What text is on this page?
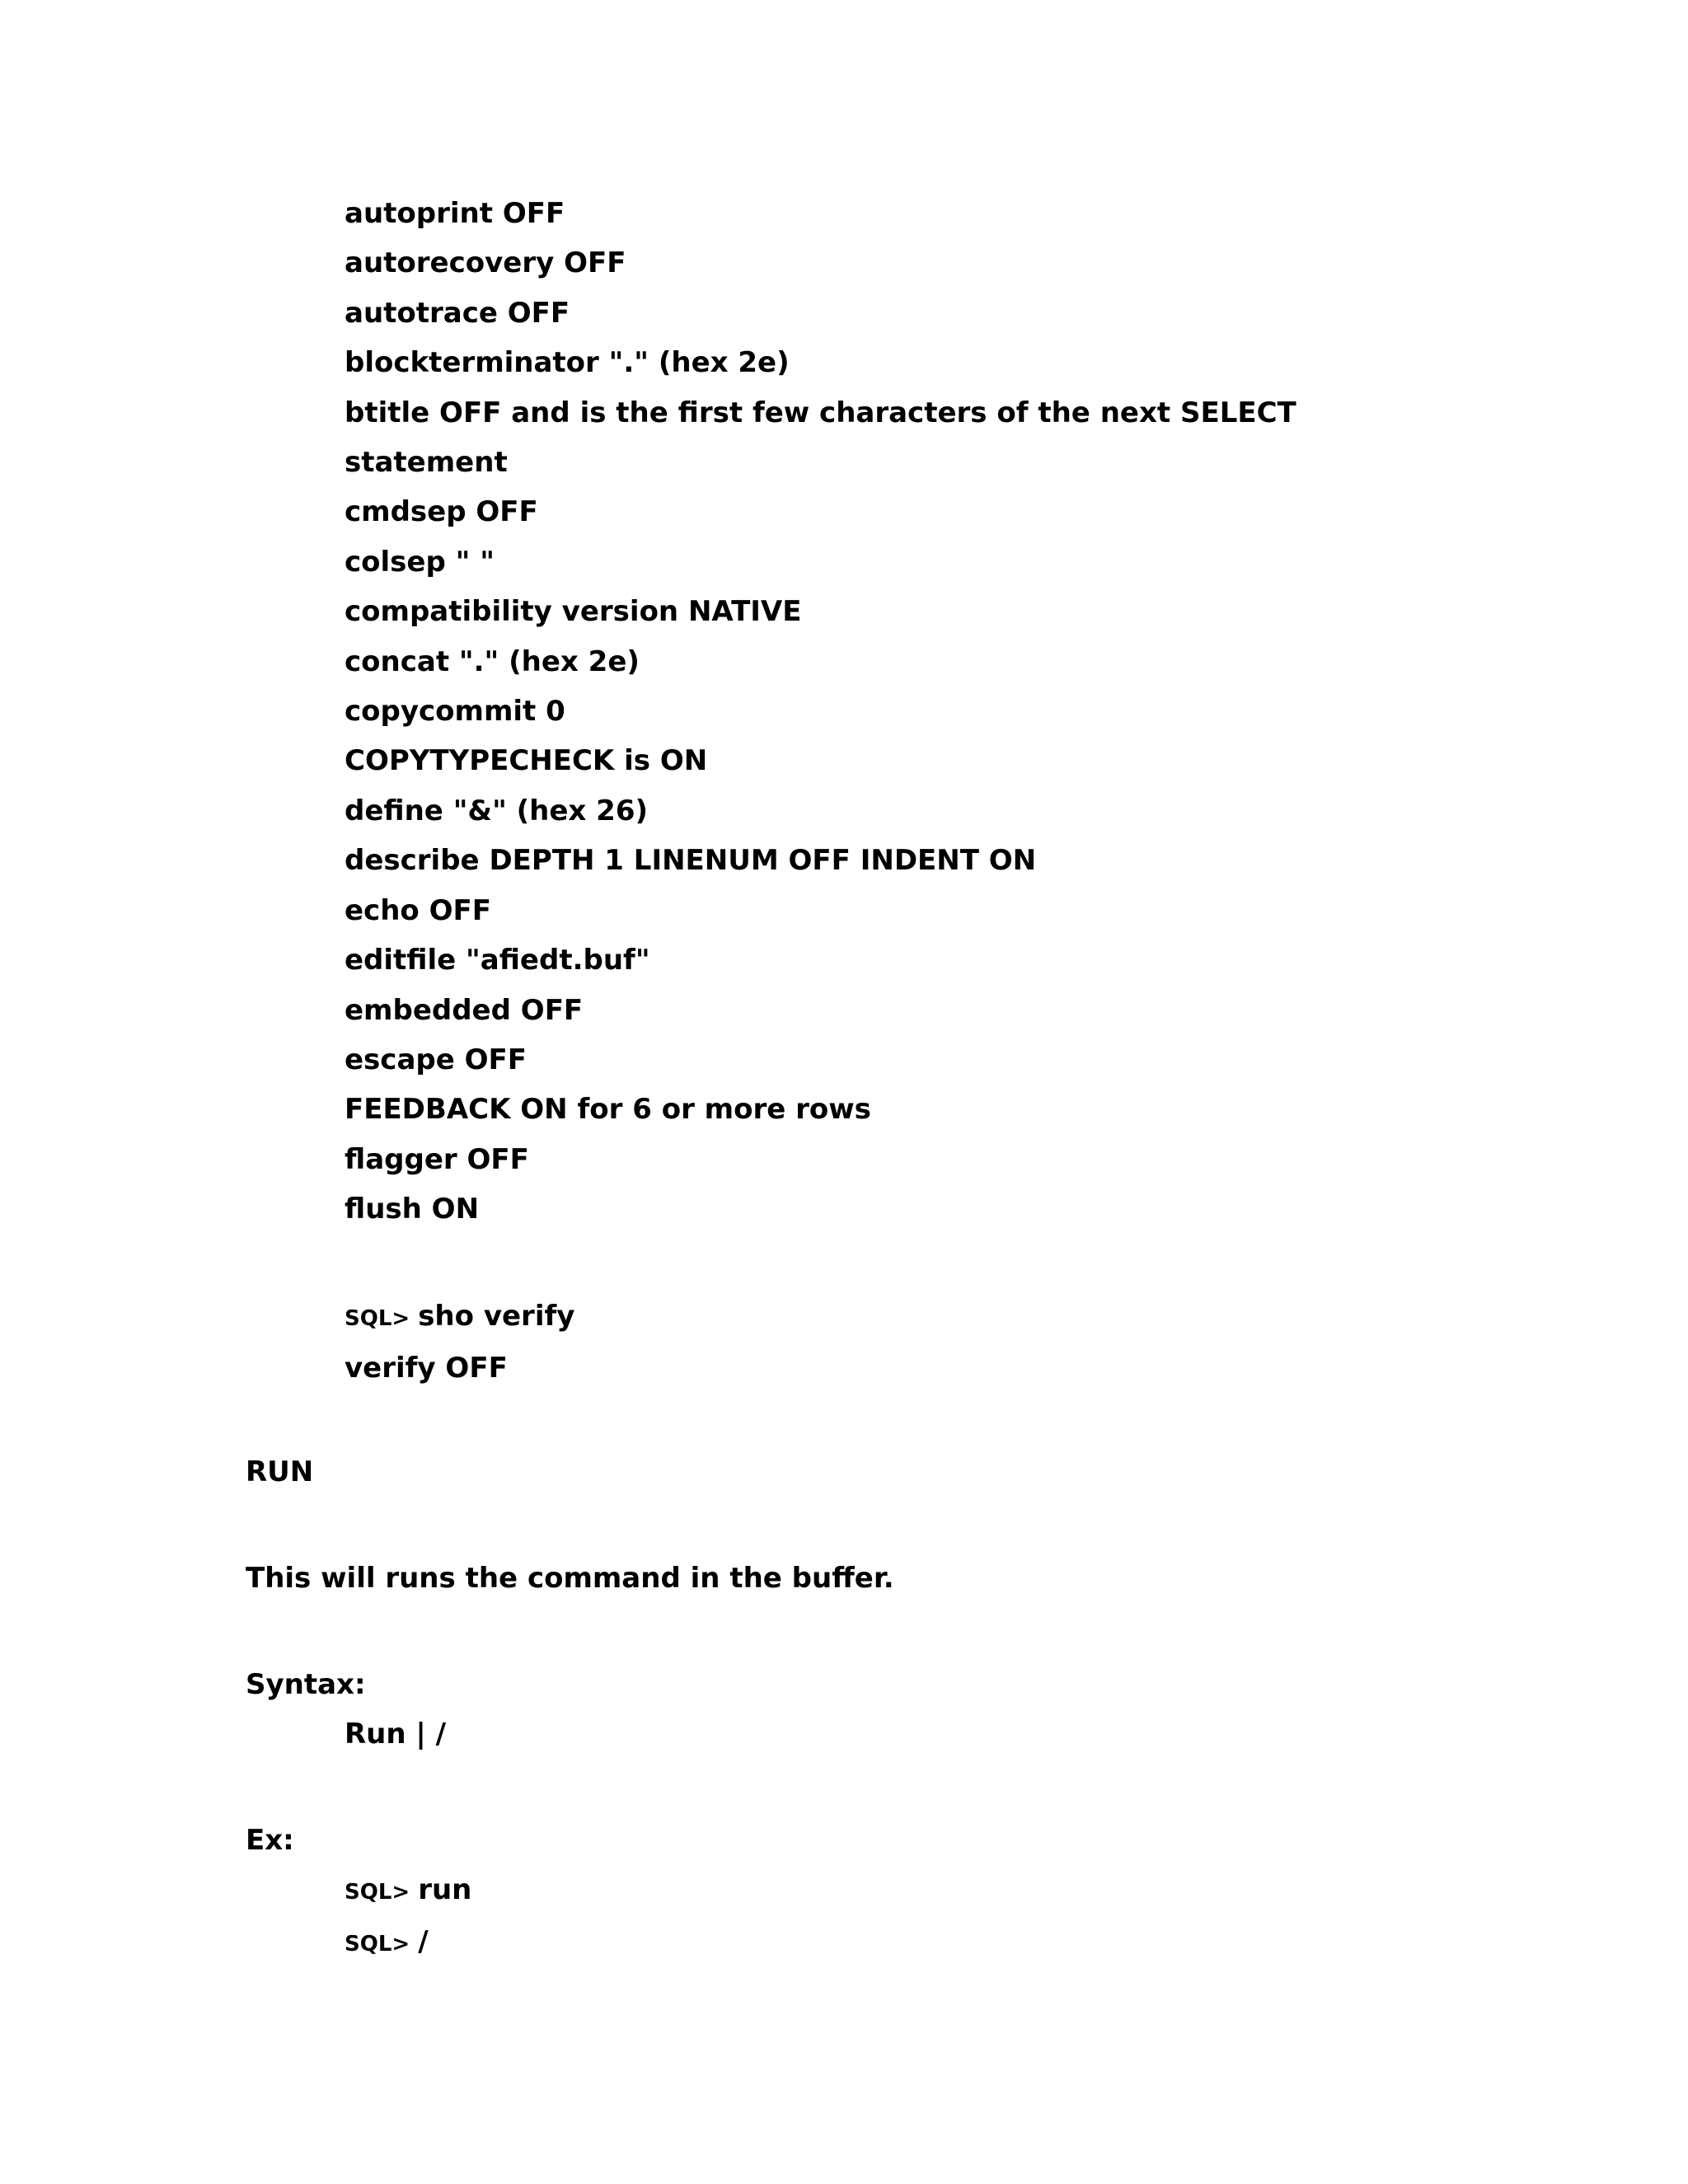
autoprint OFF
autorecovery OFF
autotrace OFF
blockterminator "." (hex 2e)
btitle OFF and is the first few characters of the next SELECT
statement
cmdsep OFF
colsep " "
compatibility version NATIVE
concat "." (hex 2e)
copycommit 0
COPYTYPECHECK is ON
define "&" (hex 26)
describe DEPTH 1 LINENUM OFF INDENT ON
echo OFF
editfile "afiedt.buf"
embedded OFF
escape OFF
FEEDBACK ON for 6 or more rows
flagger OFF
flush ON
SQL> sho verify
verify OFF
RUN
This will runs the command in the buffer.
Syntax:
Run | /
Ex:
SQL> run
SQL> /
